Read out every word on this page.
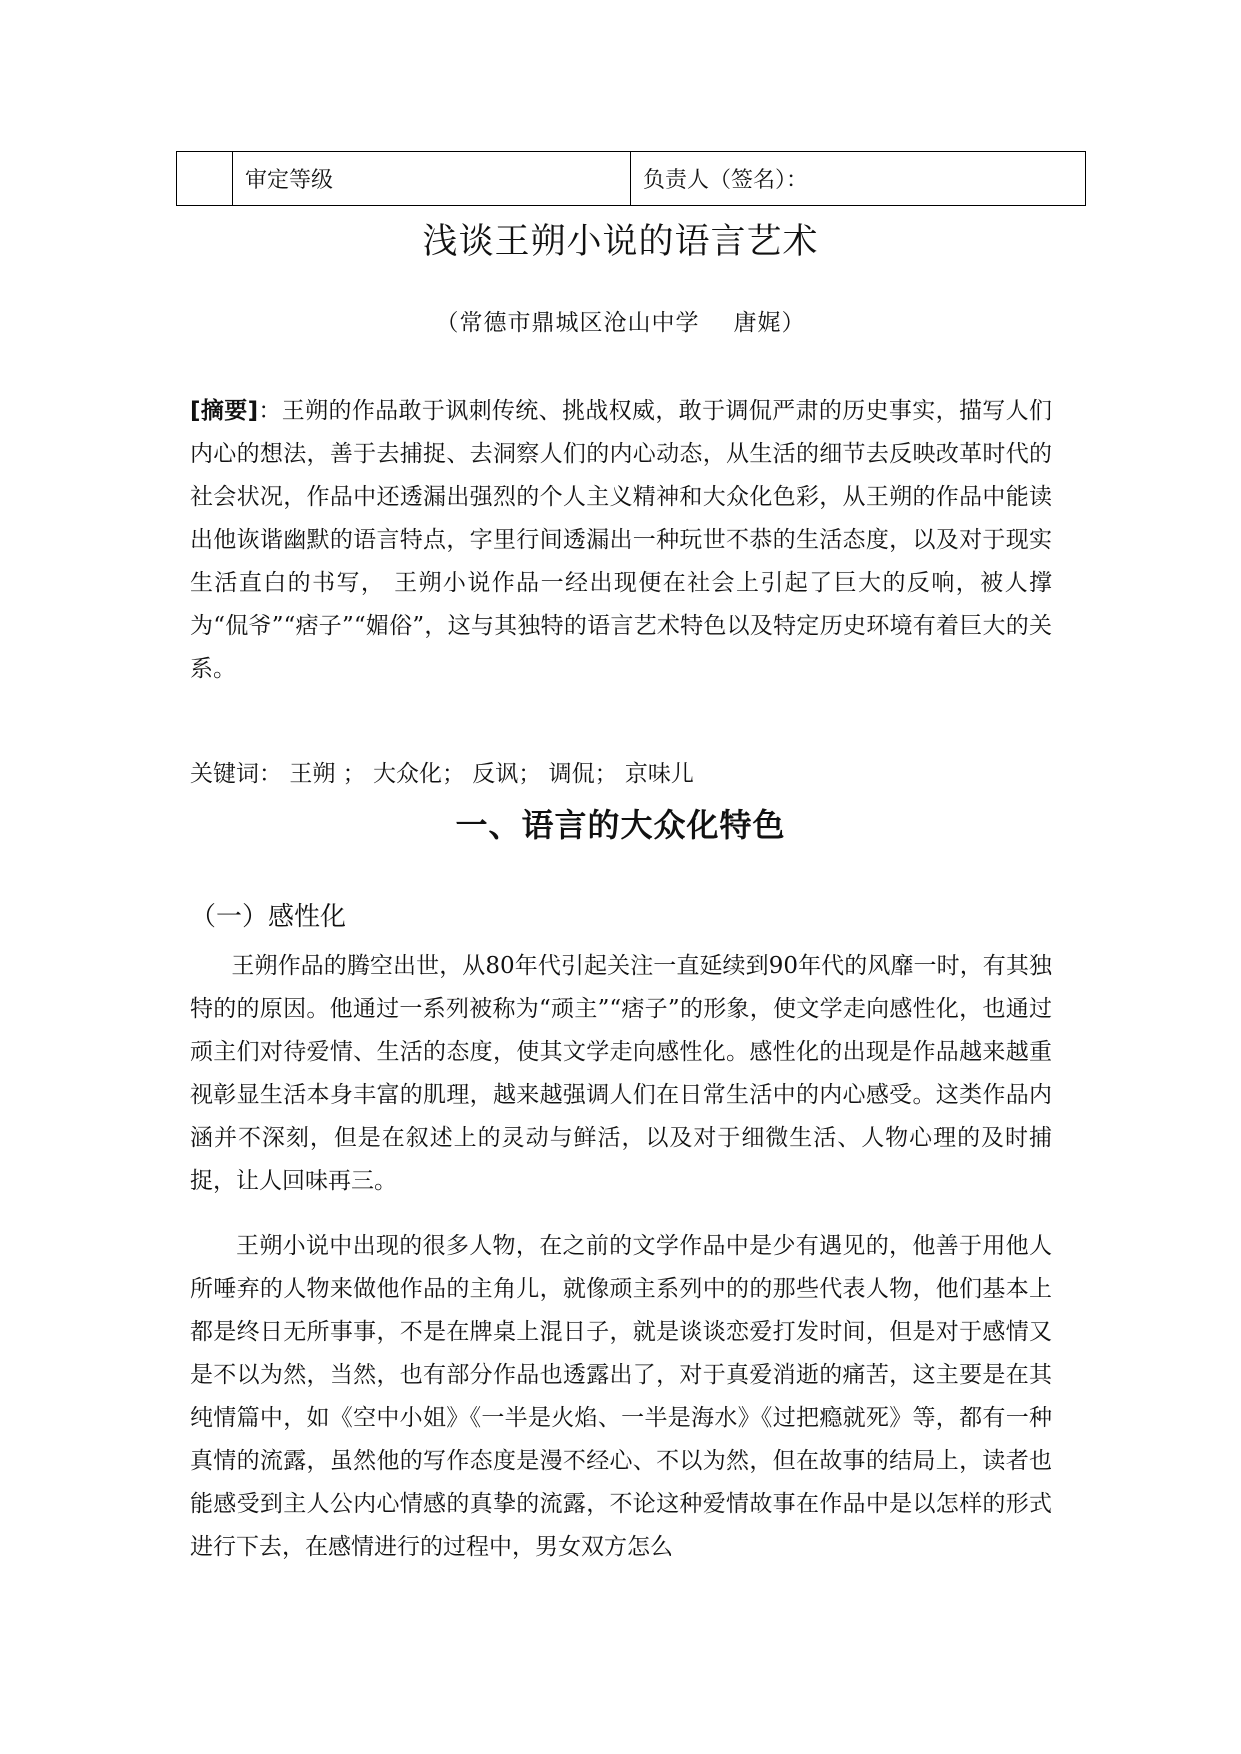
	审定等级	负责人（签名）：
浅谈王朔小说的语言艺术
（常德市鼎城区沧山中学 唐娓）

[摘要]：王朔的作品敢于讽刺传统、挑战权威，敢于调侃严肃的历史事实，描写人们内心的想法，善于去捕捉、去洞察人们的内心动态，从生活的细节去反映改革时代的社会状况，作品中还透漏出强烈的个人主义精神和大众化色彩，从王朔的作品中能读出他诙谐幽默的语言特点，字里行间透漏出一种玩世不恭的生活态度，以及对于现实生活直白的书写， 王朔小说作品一经出现便在社会上引起了巨大的反响，被人撑为“侃爷”“痞子”“媚俗”，这与其独特的语言艺术特色以及特定历史环境有着巨大的关系。

关键词： 王朔 ； 大众化； 反讽； 调侃； 京味儿
一、语言的大众化特色
（一）感性化

王朔作品的腾空出世，从80年代引起关注一直延续到90年代的风靡一时，有其独特的的原因。他通过一系列被称为“顽主”“痞子”的形象，使文学走向感性化，也通过顽主们对待爱情、生活的态度，使其文学走向感性化。感性化的出现是作品越来越重视彰显生活本身丰富的肌理，越来越强调人们在日常生活中的内心感受。这类作品内涵并不深刻，但是在叙述上的灵动与鲜活，以及对于细微生活、人物心理的及时捕捉，让人回味再三。

王朔小说中出现的很多人物，在之前的文学作品中是少有遇见的，他善于用他人所唾弃的人物来做他作品的主角儿，就像顽主系列中的的那些代表人物，他们基本上都是终日无所事事，不是在牌桌上混日子，就是谈谈恋爱打发时间，但是对于感情又是不以为然，当然，也有部分作品也透露出了，对于真爱消逝的痛苦，这主要是在其纯情篇中，如《空中小姐》《一半是火焰、一半是海水》《过把瘾就死》等，都有一种真情的流露，虽然他的写作态度是漫不经心、不以为然，但在故事的结局上，读者也能感受到主人公内心情感的真挚的流露，不论这种爱情故事在作品中是以怎样的形式进行下去，在感情进行的过程中，男女双方怎么
